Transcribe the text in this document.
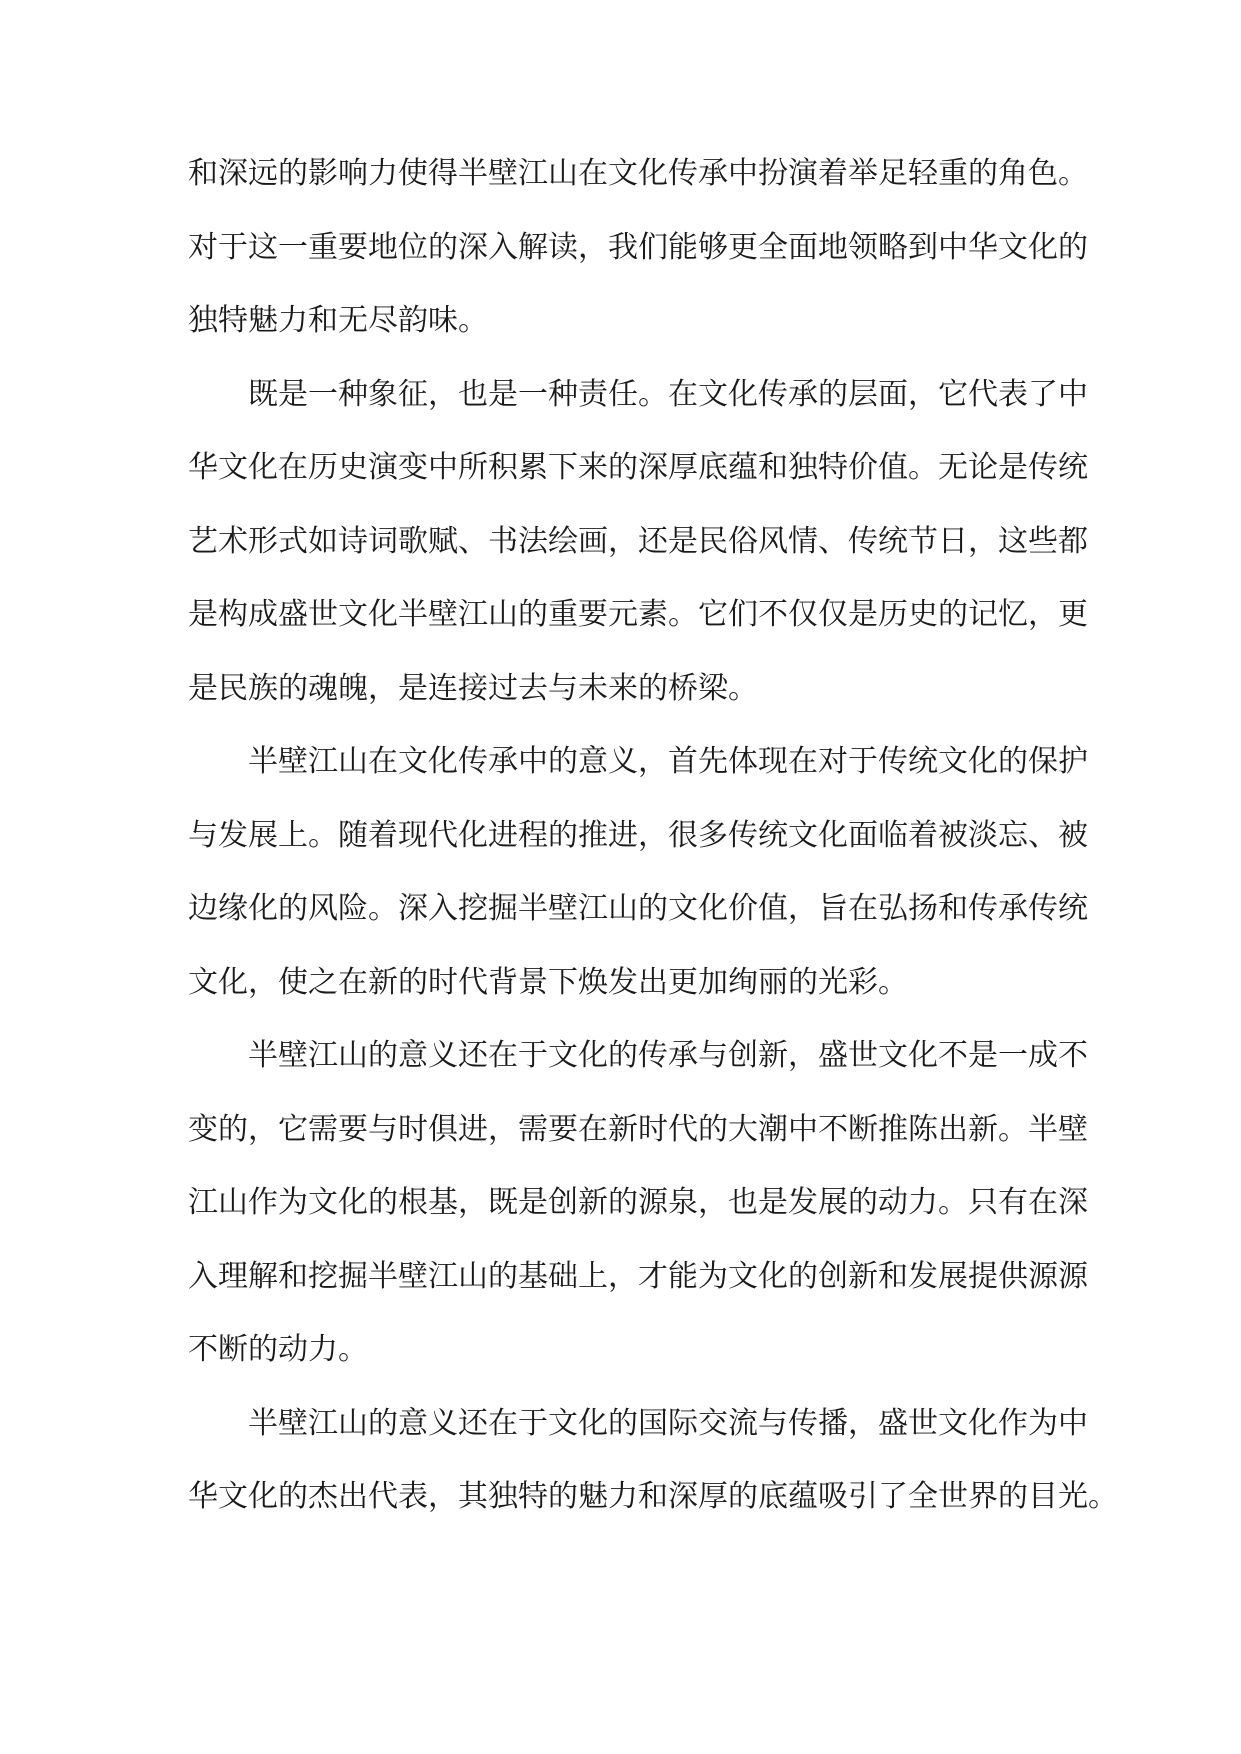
和深远的影响力使得半壁江山在文化传承中扮演着举足轻重的角色。
对于这一重要地位的深入解读，我们能够更全面地领略到中华文化的
独特魅力和无尽韵味。
既是一种象征，也是一种责任。在文化传承的层面，它代表了中
华文化在历史演变中所积累下来的深厚底蕴和独特价值。无论是传统
艺术形式如诗词歌赋、书法绘画，还是民俗风情、传统节日，这些都
是构成盛世文化半壁江山的重要元素。它们不仅仅是历史的记忆，更
是民族的魂魄，是连接过去与未来的桥梁。
半壁江山在文化传承中的意义，首先体现在对于传统文化的保护
与发展上。随着现代化进程的推进，很多传统文化面临着被淡忘、被
边缘化的风险。深入挖掘半壁江山的文化价值，旨在弘扬和传承传统
文化，使之在新的时代背景下焕发出更加绚丽的光彩。
半壁江山的意义还在于文化的传承与创新，盛世文化不是一成不
变的，它需要与时俱进，需要在新时代的大潮中不断推陈出新。半壁
江山作为文化的根基，既是创新的源泉，也是发展的动力。只有在深
入理解和挖掘半壁江山的基础上，才能为文化的创新和发展提供源源
不断的动力。
半壁江山的意义还在于文化的国际交流与传播，盛世文化作为中
华文化的杰出代表，其独特的魅力和深厚的底蕴吸引了全世界的目光。
